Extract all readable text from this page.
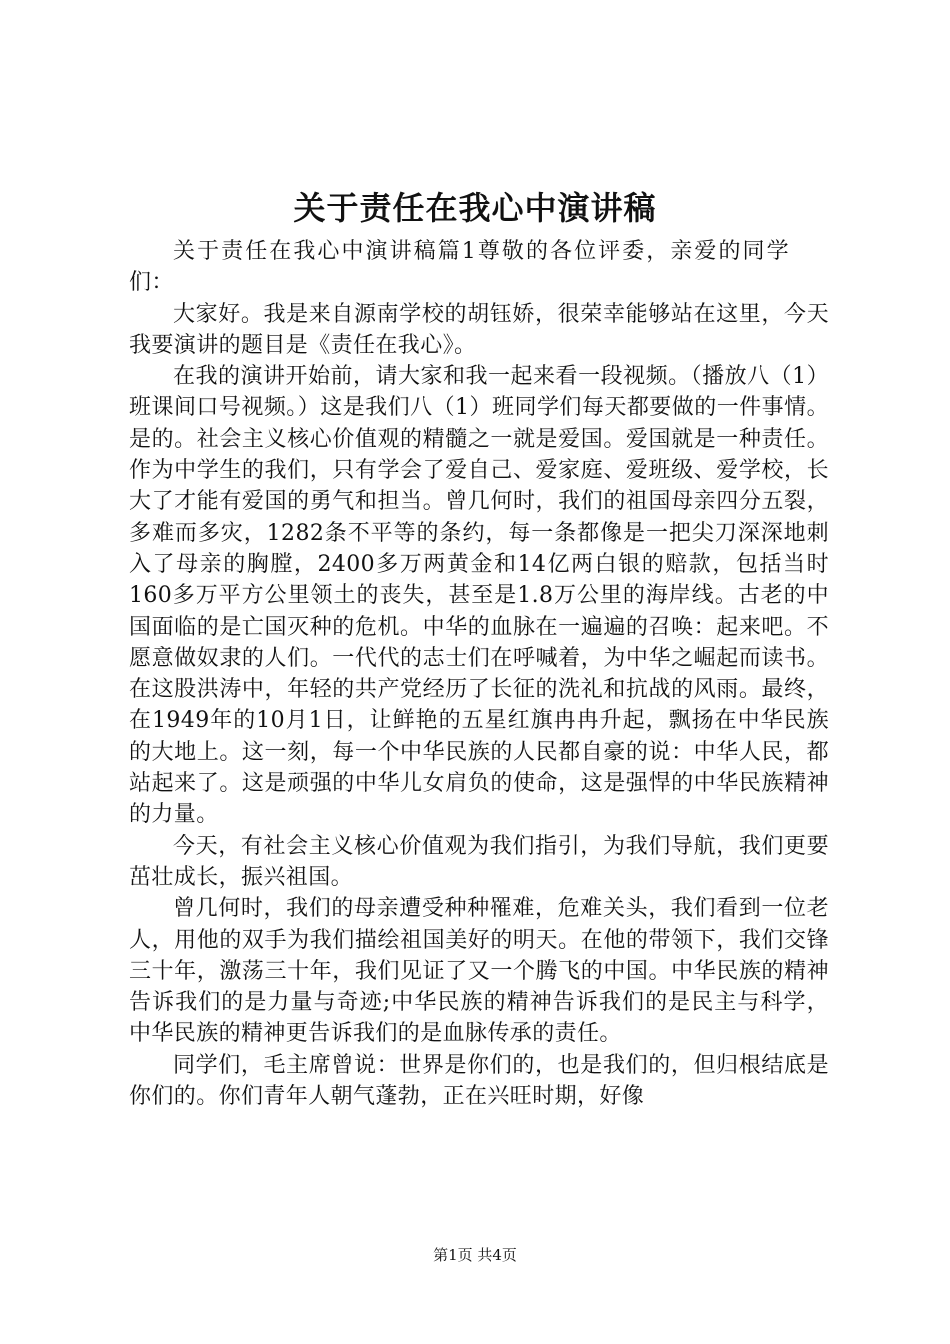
关于责任在我心中演讲稿

关于责任在我心中演讲稿篇1尊敬的各位评委，亲爱的同学们：

大家好。我是来自源南学校的胡钰娇，很荣幸能够站在这里，今天我要演讲的题目是《责任在我心》。

在我的演讲开始前，请大家和我一起来看一段视频。（播放八（1）班课间口号视频。）这是我们八（1）班同学们每天都要做的一件事情。是的。社会主义核心价值观的精髓之一就是爱国。爱国就是一种责任。作为中学生的我们，只有学会了爱自己、爱家庭、爱班级、爱学校，长大了才能有爱国的勇气和担当。曾几何时，我们的祖国母亲四分五裂，多难而多灾，1282条不平等的条约，每一条都像是一把尖刀深深地刺入了母亲的胸膛，2400多万两黄金和14亿两白银的赔款，包括当时160多万平方公里领土的丧失，甚至是1.8万公里的海岸线。古老的中国面临的是亡国灭种的危机。中华的血脉在一遍遍的召唤：起来吧。不愿意做奴隶的人们。一代代的志士们在呼喊着，为中华之崛起而读书。在这股洪涛中，年轻的共产党经历了长征的洗礼和抗战的风雨。最终，在1949年的10月1日，让鲜艳的五星红旗冉冉升起，飘扬在中华民族的大地上。这一刻，每一个中华民族的人民都自豪的说：中华人民，都站起来了。这是顽强的中华儿女肩负的使命，这是强悍的中华民族精神的力量。

今天，有社会主义核心价值观为我们指引，为我们导航，我们更要茁壮成长，振兴祖国。

曾几何时，我们的母亲遭受种种罹难，危难关头，我们看到一位老人，用他的双手为我们描绘祖国美好的明天。在他的带领下，我们交锋三十年，激荡三十年，我们见证了又一个腾飞的中国。中华民族的精神告诉我们的是力量与奇迹;中华民族的精神告诉我们的是民主与科学，中华民族的精神更告诉我们的是血脉传承的责任。

同学们，毛主席曾说：世界是你们的，也是我们的，但归根结底是你们的。你们青年人朝气蓬勃，正在兴旺时期，好像

第1页 共4页
